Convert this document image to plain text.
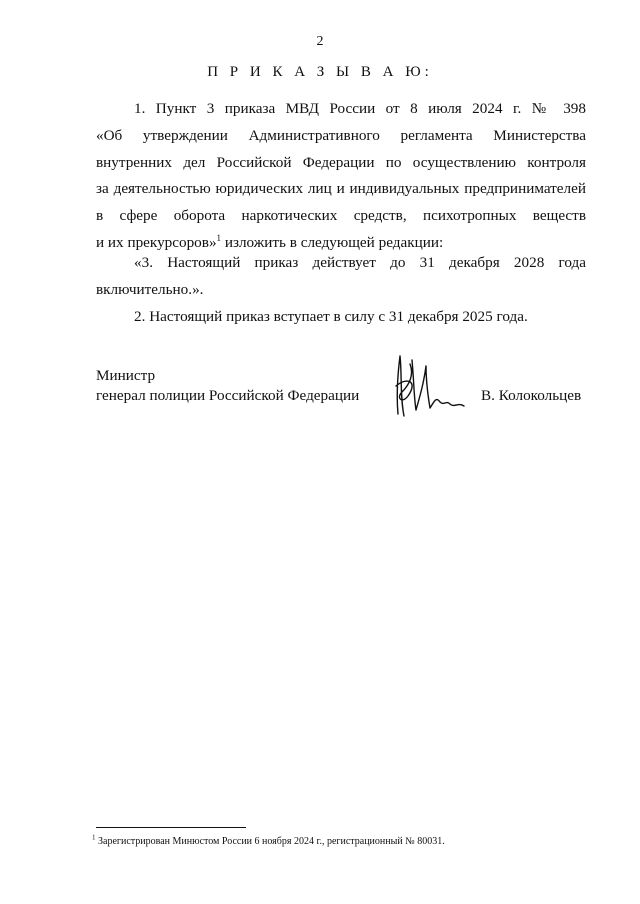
2
П Р И К А З Ы В А Ю:
1. Пункт 3 приказа МВД России от 8 июля 2024 г. № 398
«Об утверждении Административного регламента Министерства
внутренних дел Российской Федерации по осуществлению контроля
за деятельностью юридических лиц и индивидуальных предпринимателей
в сфере оборота наркотических средств, психотропных веществ
и их прекурсоров»$^1$ изложить в следующей редакции:
«3. Настоящий приказ действует до 31 декабря 2028 года
включительно.».
2. Настоящий приказ вступает в силу с 31 декабря 2025 года.
Министр
генерал полиции Российской Федерации	В. Колокольцев
$^1$ Зарегистрирован Минюстом России 6 ноября 2024 г., регистрационный № 80031.
